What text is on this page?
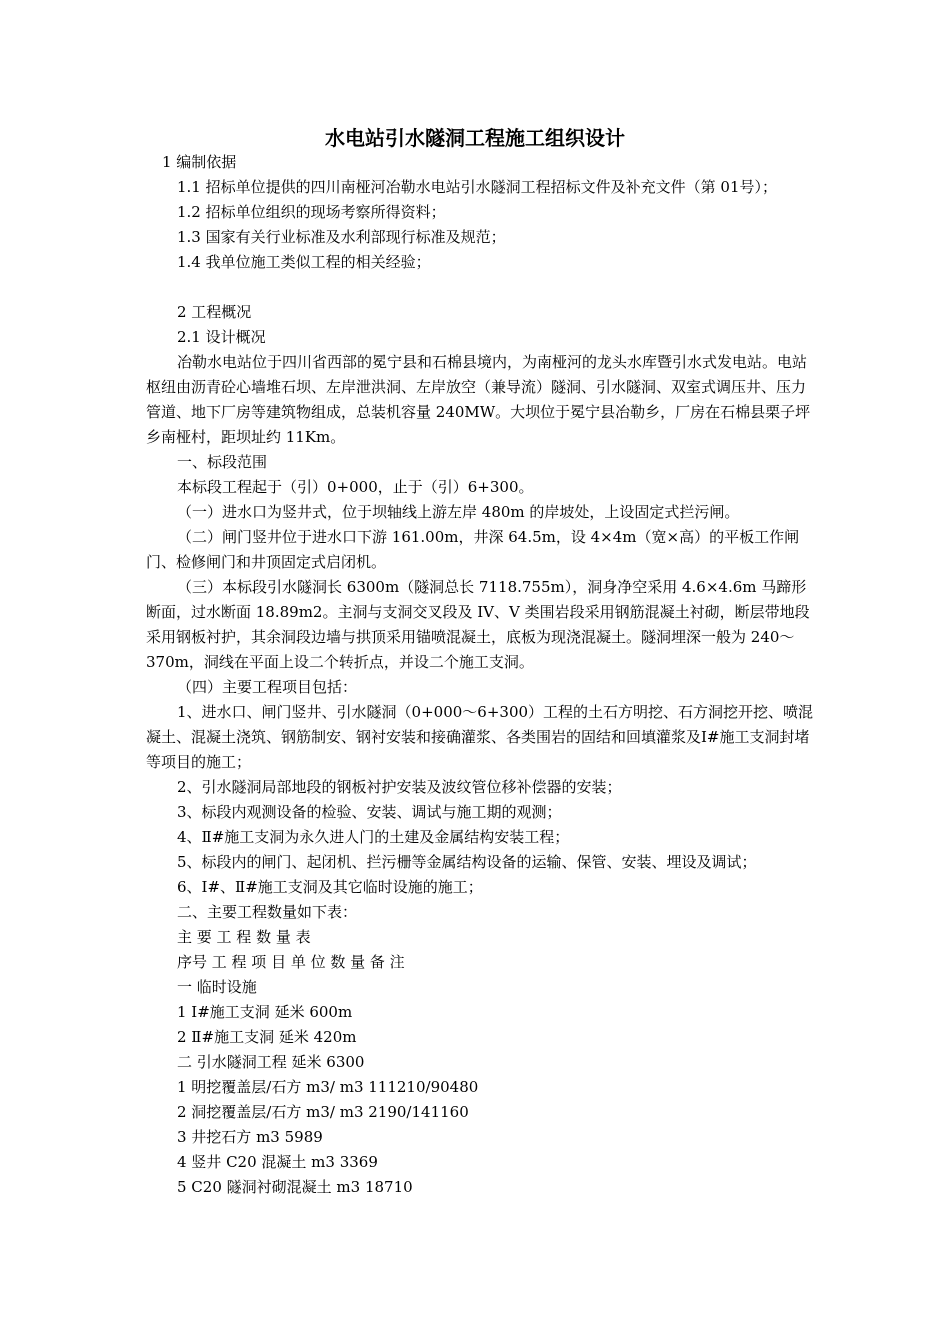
水电站引水隧洞工程施工组织设计

1 编制依据

1.1 招标单位提供的四川南桠河冶勒水电站引水隧洞工程招标文件及补充文件（第 01号）；

1.2 招标单位组织的现场考察所得资料；

1.3 国家有关行业标准及水利部现行标准及规范；

1.4 我单位施工类似工程的相关经验；

2 工程概况

2.1 设计概况

冶勒水电站位于四川省西部的冕宁县和石棉县境内，为南桠河的龙头水库暨引水式发电站。电站枢纽由沥青砼心墙堆石坝、左岸泄洪洞、左岸放空（兼导流）隧洞、引水隧洞、双室式调压井、压力管道、地下厂房等建筑物组成，总装机容量 240MW。大坝位于冕宁县冶勒乡，厂房在石棉县栗子坪乡南桠村，距坝址约 11Km。

一、标段范围

本标段工程起于（引）0+000，止于（引）6+300。

（一）进水口为竖井式，位于坝轴线上游左岸 480m 的岸坡处，上设固定式拦污闸。

（二）闸门竖井位于进水口下游 161.00m，井深 64.5m，设 4×4m（宽×高）的平板工作闸门、检修闸门和井顶固定式启闭机。

（三）本标段引水隧洞长 6300m（隧洞总长 7118.755m），洞身净空采用 4.6×4.6m 马蹄形断面，过水断面 18.89m2。主洞与支洞交叉段及 IV、V 类围岩段采用钢筋混凝土衬砌，断层带地段采用钢板衬护，其余洞段边墙与拱顶采用锚喷混凝土，底板为现浇混凝土。隧洞埋深一般为 240～370m，洞线在平面上设二个转折点，并设二个施工支洞。

（四）主要工程项目包括：

1、进水口、闸门竖井、引水隧洞（0+000～6+300）工程的土石方明挖、石方洞挖开挖、喷混凝土、混凝土浇筑、钢筋制安、钢衬安装和接确灌浆、各类围岩的固结和回填灌浆及Ⅰ#施工支洞封堵等项目的施工；

2、引水隧洞局部地段的钢板衬护安装及波纹管位移补偿器的安装；

3、标段内观测设备的检验、安装、调试与施工期的观测；

4、Ⅱ#施工支洞为永久进人门的土建及金属结构安装工程；

5、标段内的闸门、起闭机、拦污栅等金属结构设备的运输、保管、安装、埋设及调试；

6、Ⅰ#、Ⅱ#施工支洞及其它临时设施的施工；

二、主要工程数量如下表：

主 要 工 程 数 量 表

序号 工 程 项 目 单 位 数 量 备 注

一 临时设施

1 Ⅰ#施工支洞 延米 600m

2 Ⅱ#施工支洞 延米 420m

二 引水隧洞工程 延米 6300

1 明挖覆盖层/石方 m3/ m3 111210/90480

2 洞挖覆盖层/石方 m3/ m3 2190/141160

3 井挖石方 m3 5989

4 竖井 C20 混凝土 m3 3369

5 C20 隧洞衬砌混凝土 m3 18710
